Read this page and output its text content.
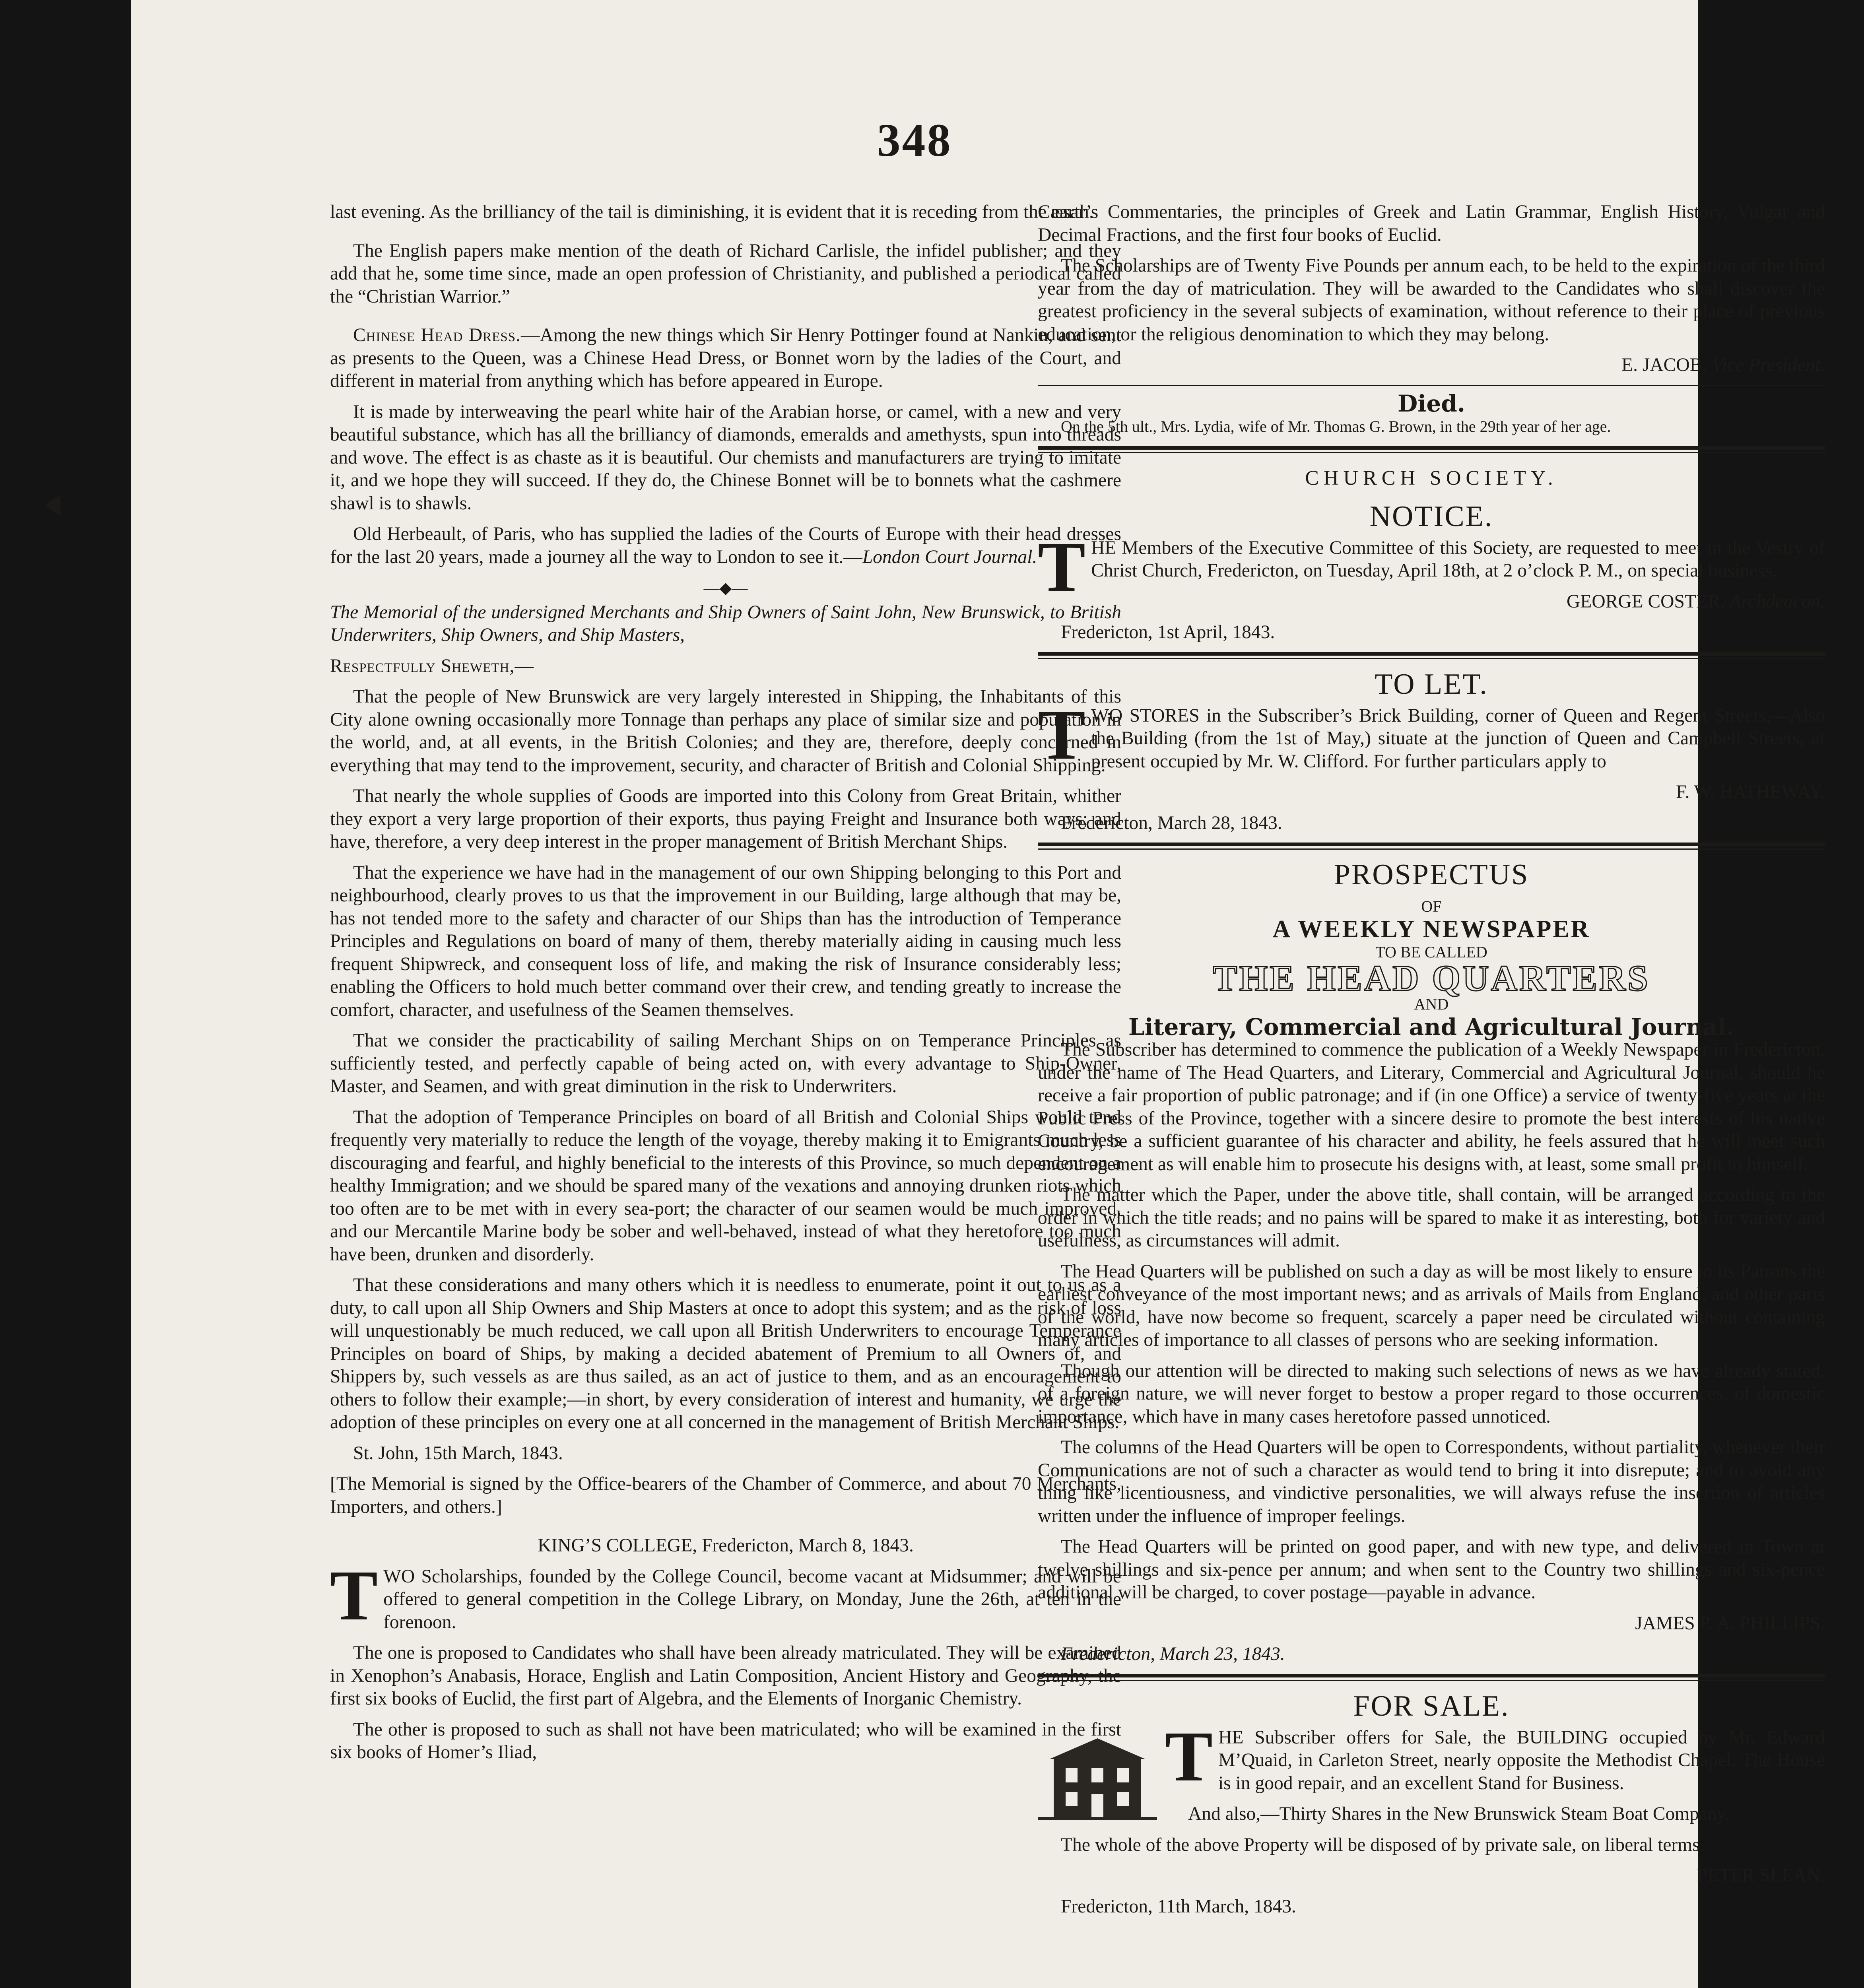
348

last evening. As the brilliancy of the tail is diminishing, it is evident that it is receding from the earth.

The English papers make mention of the death of Richard Carlisle, the infidel publisher; and they add that he, some time since, made an open profession of Christianity, and published a periodical called the “Christian Warrior.”

Chinese Head Dress.—Among the new things which Sir Henry Pottinger found at Nankin, and sent as presents to the Queen, was a Chinese Head Dress, or Bonnet worn by the ladies of the Court, and different in material from anything which has before appeared in Europe.

It is made by interweaving the pearl white hair of the Arabian horse, or camel, with a new and very beautiful substance, which has all the brilliancy of diamonds, emeralds and amethysts, spun into threads and wove. The effect is as chaste as it is beautiful. Our chemists and manufacturers are trying to imitate it, and we hope they will succeed. If they do, the Chinese Bonnet will be to bonnets what the cashmere shawl is to shawls.

Old Herbeault, of Paris, who has supplied the ladies of the Courts of Europe with their head dresses for the last 20 years, made a journey all the way to London to see it.—London Court Journal.

—◆—

The Memorial of the undersigned Merchants and Ship Owners of Saint John, New Brunswick, to British Underwriters, Ship Owners, and Ship Masters,

Respectfully Sheweth,—

That the people of New Brunswick are very largely interested in Shipping, the Inhabitants of this City alone owning occasionally more Tonnage than perhaps any place of similar size and population in the world, and, at all events, in the British Colonies; and they are, therefore, deeply concerned in everything that may tend to the improvement, security, and character of British and Colonial Shipping.

That nearly the whole supplies of Goods are imported into this Colony from Great Britain, whither they export a very large proportion of their exports, thus paying Freight and Insurance both ways; and have, therefore, a very deep interest in the proper management of British Merchant Ships.

That the experience we have had in the management of our own Shipping belonging to this Port and neighbourhood, clearly proves to us that the improvement in our Building, large although that may be, has not tended more to the safety and character of our Ships than has the introduction of Temperance Principles and Regulations on board of many of them, thereby materially aiding in causing much less frequent Shipwreck, and consequent loss of life, and making the risk of Insurance considerably less; enabling the Officers to hold much better command over their crew, and tending greatly to increase the comfort, character, and usefulness of the Seamen themselves.

That we consider the practicability of sailing Merchant Ships on on Temperance Principles as sufficiently tested, and perfectly capable of being acted on, with every advantage to Ship-Owner, Master, and Seamen, and with great diminution in the risk to Underwriters.

That the adoption of Temperance Principles on board of all British and Colonial Ships would tend frequently very materially to reduce the length of the voyage, thereby making it to Emigrants much less discouraging and fearful, and highly beneficial to the interests of this Province, so much dependent on a healthy Immigration; and we should be spared many of the vexations and annoying drunken riots which too often are to be met with in every sea-port; the character of our seamen would be much improved, and our Mercantile Marine body be sober and well-behaved, instead of what they heretofore too much have been, drunken and disorderly.

That these considerations and many others which it is needless to enumerate, point it out to us as a duty, to call upon all Ship Owners and Ship Masters at once to adopt this system; and as the risk of loss will unquestionably be much reduced, we call upon all British Underwriters to encourage Temperance Principles on board of Ships, by making a decided abatement of Premium to all Owners of, and Shippers by, such vessels as are thus sailed, as an act of justice to them, and as an encouragement to others to follow their example;—in short, by every consideration of interest and humanity, we urge the adoption of these principles on every one at all concerned in the management of British Merchant Ships.

St. John, 15th March, 1843.

[The Memorial is signed by the Office-bearers of the Chamber of Commerce, and about 70 Merchants, Importers, and others.]

KING’S COLLEGE, Fredericton, March 8, 1843.

TWO Scholarships, founded by the College Council, become vacant at Midsummer; and will be offered to general competition in the College Library, on Monday, June the 26th, at ten in the forenoon.

The one is proposed to Candidates who shall have been already matriculated. They will be examined in Xenophon’s Anabasis, Horace, English and Latin Composition, Ancient History and Geography, the first six books of Euclid, the first part of Algebra, and the Elements of Inorganic Chemistry.

The other is proposed to such as shall not have been matriculated; who will be examined in the first six books of Homer’s Iliad,

Cæsar’s Commentaries, the principles of Greek and Latin Grammar, English History, Vulgar and Decimal Fractions, and the first four books of Euclid.

The Scholarships are of Twenty Five Pounds per annum each, to be held to the expiration of the third year from the day of matriculation. They will be awarded to the Candidates who shall discover the greatest proficiency in the several subjects of examination, without reference to their place of previous education, or the religious denomination to which they may belong.

E. JACOB, Vice President.

Died.

On the 5th ult., Mrs. Lydia, wife of Mr. Thomas G. Brown, in the 29th year of her age.

CHURCH SOCIETY.
NOTICE.

THE Members of the Executive Committee of this Society, are requested to meet in the Vestry of Christ Church, Fredericton, on Tuesday, April 18th, at 2 o’clock P. M., on special business.

GEORGE COSTER, Archdeacon.

Fredericton, 1st April, 1843.

TO LET.

TWO STORES in the Subscriber’s Brick Building, corner of Queen and Regent Streets,—Also the Building (from the 1st of May,) situate at the junction of Queen and Campbell Streets, at present occupied by Mr. W. Clifford. For further particulars apply to

F. W. HATHEWAY.

Fredericton, March 28, 1843.

PROSPECTUS
OF
A WEEKLY NEWSPAPER
TO BE CALLED
THE HEAD QUARTERS
AND
Literary, Commercial and Agricultural Journal.

The Subscriber has determined to commence the publication of a Weekly Newspaper in Fredericton, under the name of The Head Quarters, and Literary, Commercial and Agricultural Journal, should he receive a fair proportion of public patronage; and if (in one Office) a service of twenty-five years at the Public Press of the Province, together with a sincere desire to promote the best interests of his native Country, be a sufficient guarantee of his character and ability, he feels assured that he will meet such encouragement as will enable him to prosecute his designs with, at least, some small profit to himself.

The matter which the Paper, under the above title, shall contain, will be arranged according to the order in which the title reads; and no pains will be spared to make it as interesting, both for variety and usefulness, as circumstances will admit.

The Head Quarters will be published on such a day as will be most likely to ensure to its Patrons the earliest conveyance of the most important news; and as arrivals of Mails from England, and other parts of the world, have now become so frequent, scarcely a paper need be circulated without containing many articles of importance to all classes of persons who are seeking information.

Though our attention will be directed to making such selections of news as we have already stated, of a foreign nature, we will never forget to bestow a proper regard to those occurrences, of domestic importance, which have in many cases heretofore passed unnoticed.

The columns of the Head Quarters will be open to Correspondents, without partiality, whenever their Communications are not of such a character as would tend to bring it into disrepute; and to avoid any thing like licentiousness, and vindictive personalities, we will always refuse the insertion of articles written under the influence of improper feelings.

The Head Quarters will be printed on good paper, and with new type, and delivered in Town at twelve shillings and six-pence per annum; and when sent to the Country two shillings and six-pence additional will be charged, to cover postage—payable in advance.

JAMES P. A. PHILLIPS.

Fredericton, March 23, 1843.

FOR SALE.

THE Subscriber offers for Sale, the BUILDING occupied by Mr. Edward M’Quaid, in Carleton Street, nearly opposite the Methodist Chapel. The House is in good repair, and an excellent Stand for Business.

And also,—Thirty Shares in the New Brunswick Steam Boat Company.

The whole of the above Property will be disposed of by private sale, on liberal terms.

PETER SLEAN.

Fredericton, 11th March, 1843.
